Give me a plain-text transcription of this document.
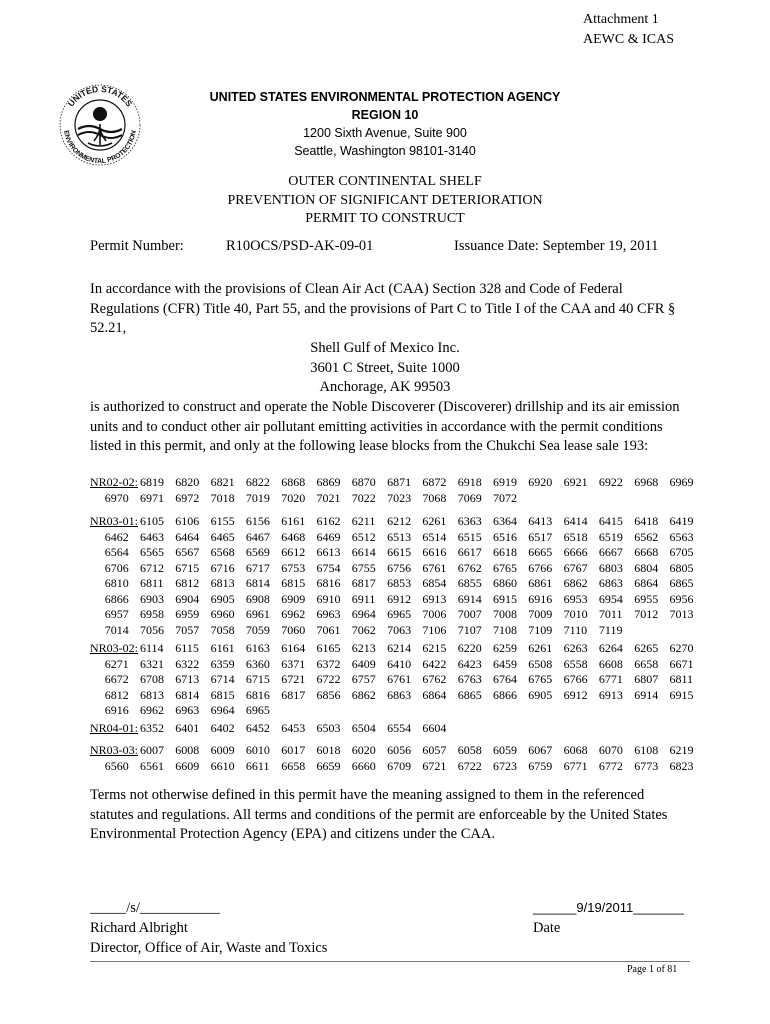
Attachment 1
AEWC & ICAS
UNITED STATES
ENVIRONMENTAL PROTECTION
UNITED STATES ENVIRONMENTAL PROTECTION AGENCY
REGION 10
1200 Sixth Avenue, Suite 900
Seattle, Washington 98101-3140
OUTER CONTINENTAL SHELF
PREVENTION OF SIGNIFICANT DETERIORATION
PERMIT TO CONSTRUCT
Permit Number:	R10OCS/PSD-AK-09-01	Issuance Date: September 19, 2011
In accordance with the provisions of Clean Air Act (CAA) Section 328 and Code of Federal Regulations (CFR) Title 40, Part 55, and the provisions of Part C to Title I of the CAA and 40 CFR § 52.21,
Shell Gulf of Mexico Inc.
3601 C Street, Suite 1000
Anchorage, AK 99503
is authorized to construct and operate the Noble Discoverer (Discoverer) drillship and its air emission units and to conduct other air pollutant emitting activities in accordance with the permit conditions listed in this permit, and only at the following lease blocks from the Chukchi Sea lease sale 193:
NR02-02: 6819 6820 6821 6822 6868 6869 6870 6871 6872 6918 6919 6920 6921 6922 6968 6969
6970 6971 6972 7018 7019 7020 7021 7022 7023 7068 7069 7072
NR03-01: 6105 6106 6155 6156 6161 6162 6211 6212 6261 6363 6364 6413 6414 6415 6418 6419
6462 6463 6464 6465 6467 6468 6469 6512 6513 6514 6515 6516 6517 6518 6519 6562 6563
6564 6565 6567 6568 6569 6612 6613 6614 6615 6616 6617 6618 6665 6666 6667 6668 6705
6706 6712 6715 6716 6717 6753 6754 6755 6756 6761 6762 6765 6766 6767 6803 6804 6805
6810 6811 6812 6813 6814 6815 6816 6817 6853 6854 6855 6860 6861 6862 6863 6864 6865
6866 6903 6904 6905 6908 6909 6910 6911 6912 6913 6914 6915 6916 6953 6954 6955 6956
6957 6958 6959 6960 6961 6962 6963 6964 6965 7006 7007 7008 7009 7010 7011 7012 7013
7014 7056 7057 7058 7059 7060 7061 7062 7063 7106 7107 7108 7109 7110 7119
NR03-02: 6114 6115 6161 6163 6164 6165 6213 6214 6215 6220 6259 6261 6263 6264 6265 6270
6271 6321 6322 6359 6360 6371 6372 6409 6410 6422 6423 6459 6508 6558 6608 6658 6671
6672 6708 6713 6714 6715 6721 6722 6757 6761 6762 6763 6764 6765 6766 6771 6807 6811
6812 6813 6814 6815 6816 6817 6856 6862 6863 6864 6865 6866 6905 6912 6913 6914 6915
6916 6962 6963 6964 6965
NR04-01: 6352 6401 6402 6452 6453 6503 6504 6554 6604
NR03-03: 6007 6008 6009 6010 6017 6018 6020 6056 6057 6058 6059 6067 6068 6070 6108 6219
6560 6561 6609 6610 6611 6658 6659 6660 6709 6721 6722 6723 6759 6771 6772 6773 6823
Terms not otherwise defined in this permit have the meaning assigned to them in the referenced statutes and regulations. All terms and conditions of the permit are enforceable by the United States Environmental Protection Agency (EPA) and citizens under the CAA.
_____/s/___________
Richard Albright
Director, Office of Air, Waste and Toxics
______9/19/2011_______
Date
Page 1 of 81
